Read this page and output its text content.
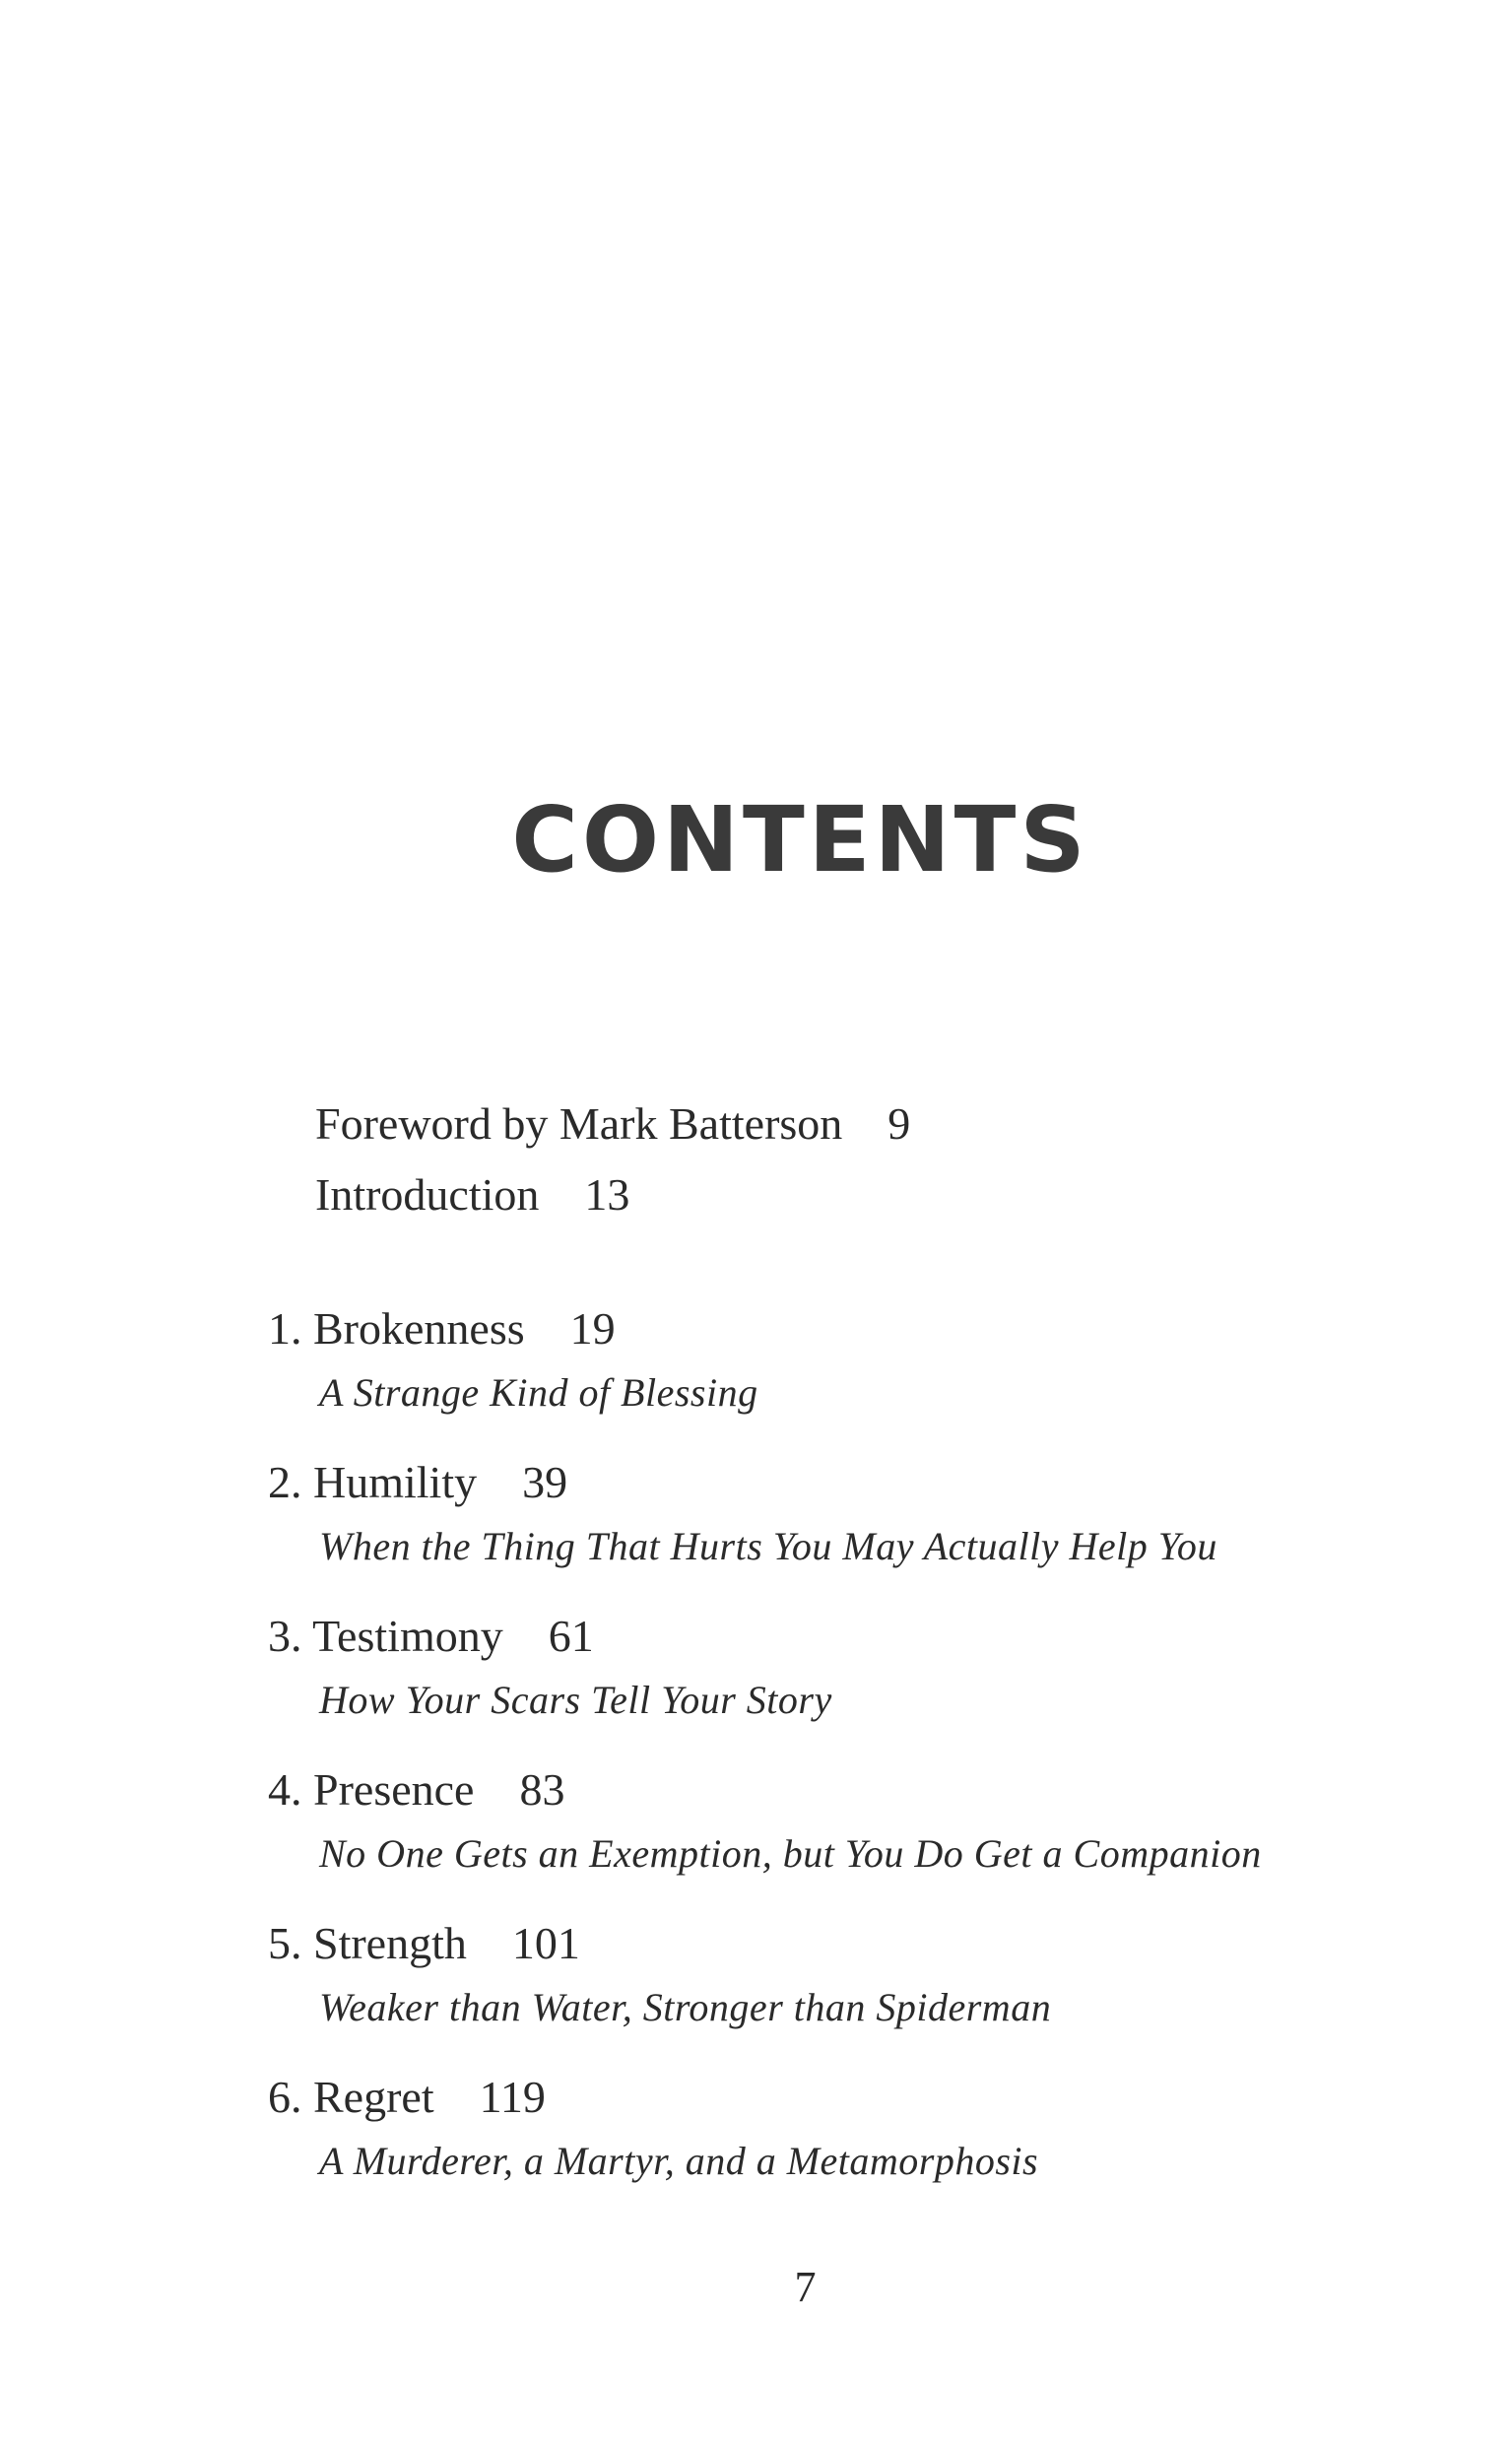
CONTENTS
Foreword by Mark Batterson 9
Introduction 13
1. Brokenness 19
A Strange Kind of Blessing
2. Humility 39
When the Thing That Hurts You May Actually Help You
3. Testimony 61
How Your Scars Tell Your Story
4. Presence 83
No One Gets an Exemption, but You Do Get a Companion
5. Strength 101
Weaker than Water, Stronger than Spiderman
6. Regret 119
A Murderer, a Martyr, and a Metamorphosis
7
